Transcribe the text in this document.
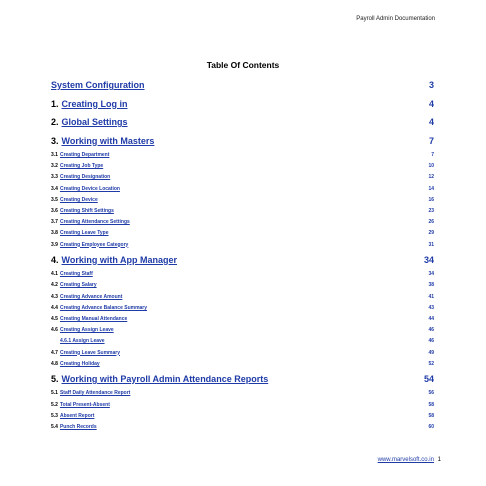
Payroll Admin Documentation
Table Of Contents
System Configuration	3
1. Creating Log in	4
2. Global Settings	4
3. Working with Masters	7
3.1 Creating Department	7
3.2 Creating Job Type	10
3.3 Creating Designation	12
3.4 Creating Device Location	14
3.5 Creating Device	16
3.6 Creating Shift Settings	23
3.7 Creating Attendance Settings	26
3.8 Creating Leave Type	29
3.9 Creating Employee Category	31
4. Working with App Manager	34
4.1 Creating Staff	34
4.2 Creating Salary	38
4.3 Creating Advance Amount	41
4.4 Creating Advance Balance Summary	43
4.5 Creating Manual Attendance	44
4.6 Creating Assign Leave	46
4.6.1 Assign Leave	46
4.7 Creating Leave Summary	49
4.8 Creating Holiday	52
5. Working with Payroll Admin Attendance Reports	54
5.1 Staff Daily Attendance Report	56
5.2 Total Present-Absent	58
5.3 Absent Report	58
5.4 Punch Records	60
www.marvelsoft.co.in 1
